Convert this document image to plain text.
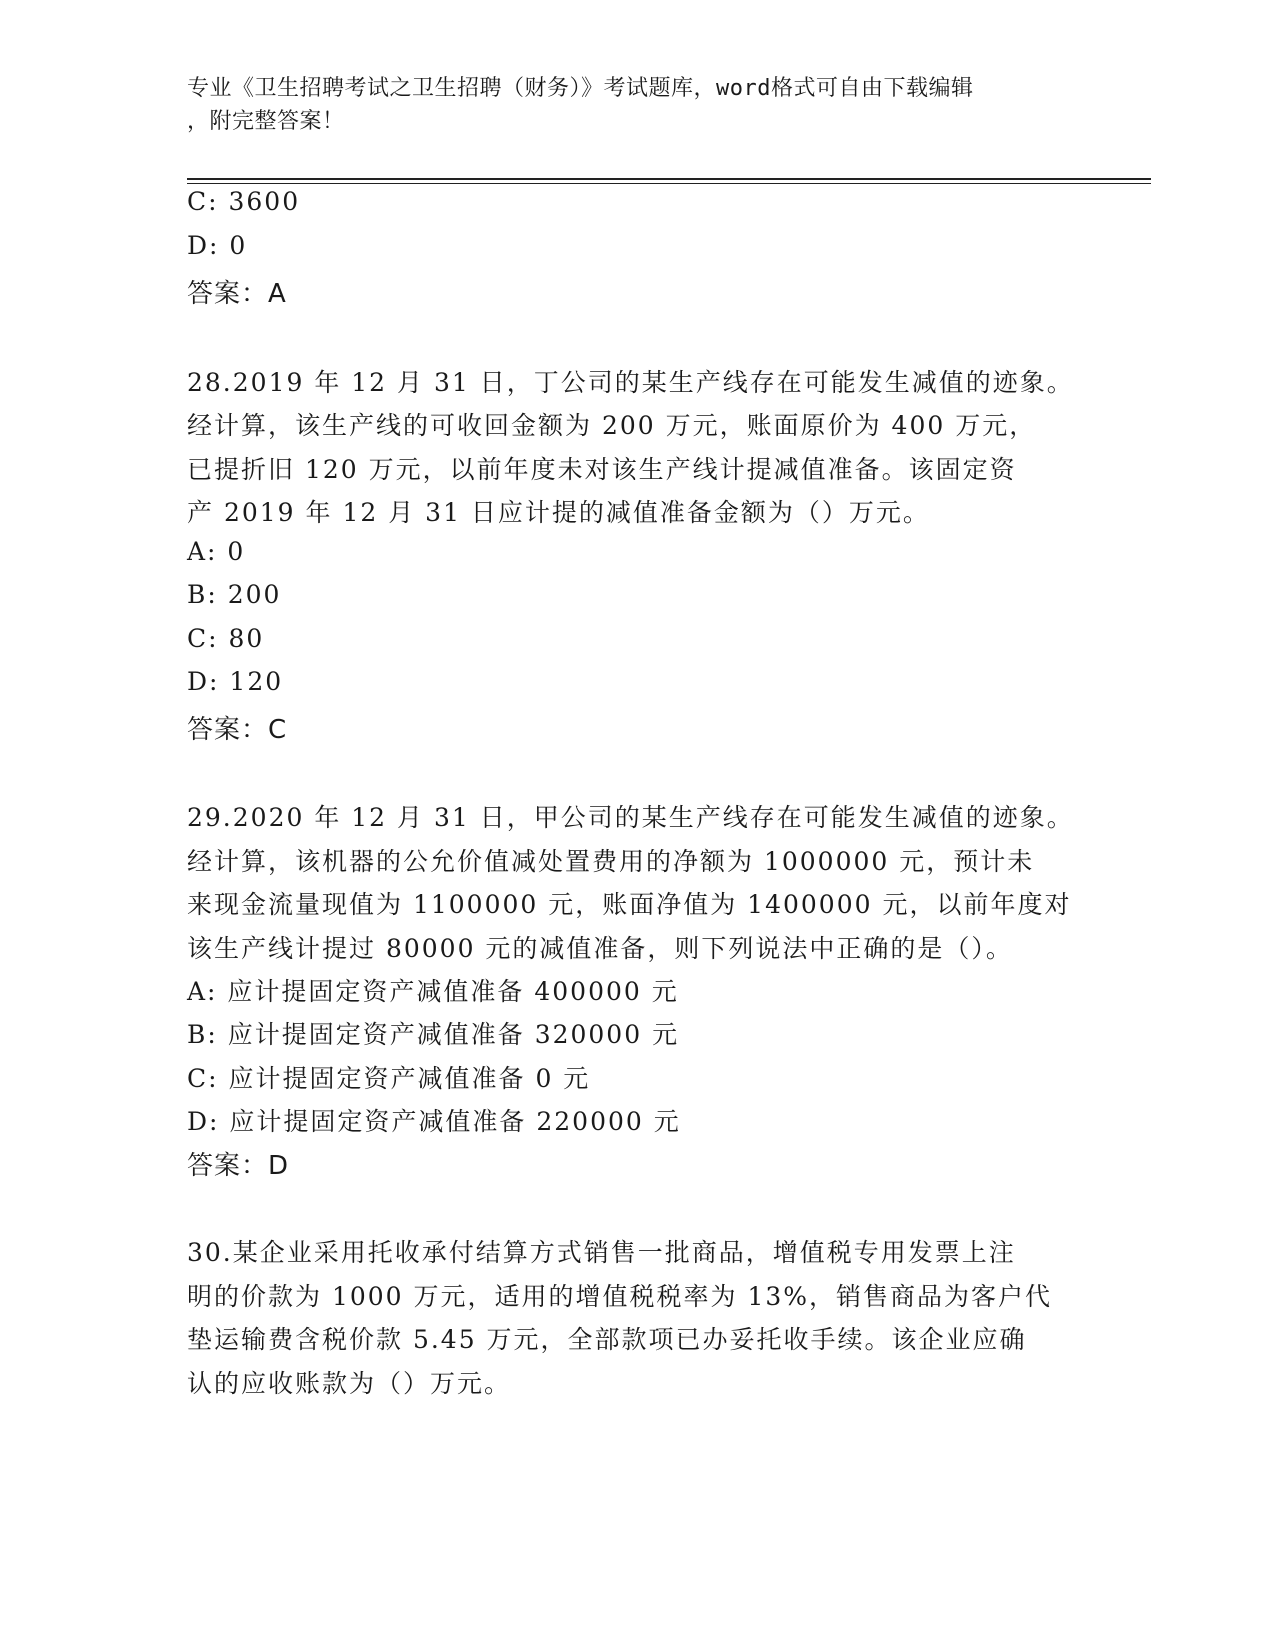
专业《卫生招聘考试之卫生招聘（财务）》考试题库，word格式可自由下载编辑
，附完整答案！
C: 3600
D: 0
答案：A
28.2019 年 12 月 31 日，丁公司的某生产线存在可能发生减值的迹象。
经计算，该生产线的可收回金额为 200 万元，账面原价为 400 万元，
已提折旧 120 万元，以前年度未对该生产线计提减值准备。该固定资
产 2019 年 12 月 31 日应计提的减值准备金额为（）万元。
A: 0
B: 200
C: 80
D: 120
答案：C
29.2020 年 12 月 31 日，甲公司的某生产线存在可能发生减值的迹象。
经计算，该机器的公允价值减处置费用的净额为 1000000 元，预计未
来现金流量现值为 1100000 元，账面净值为 1400000 元，以前年度对
该生产线计提过 80000 元的减值准备，则下列说法中正确的是（）。
A: 应计提固定资产减值准备 400000 元
B: 应计提固定资产减值准备 320000 元
C: 应计提固定资产减值准备 0 元
D: 应计提固定资产减值准备 220000 元
答案：D
30.某企业采用托收承付结算方式销售一批商品，增值税专用发票上注
明的价款为 1000 万元，适用的增值税税率为 13%，销售商品为客户代
垫运输费含税价款 5.45 万元，全部款项已办妥托收手续。该企业应确
认的应收账款为（）万元。
